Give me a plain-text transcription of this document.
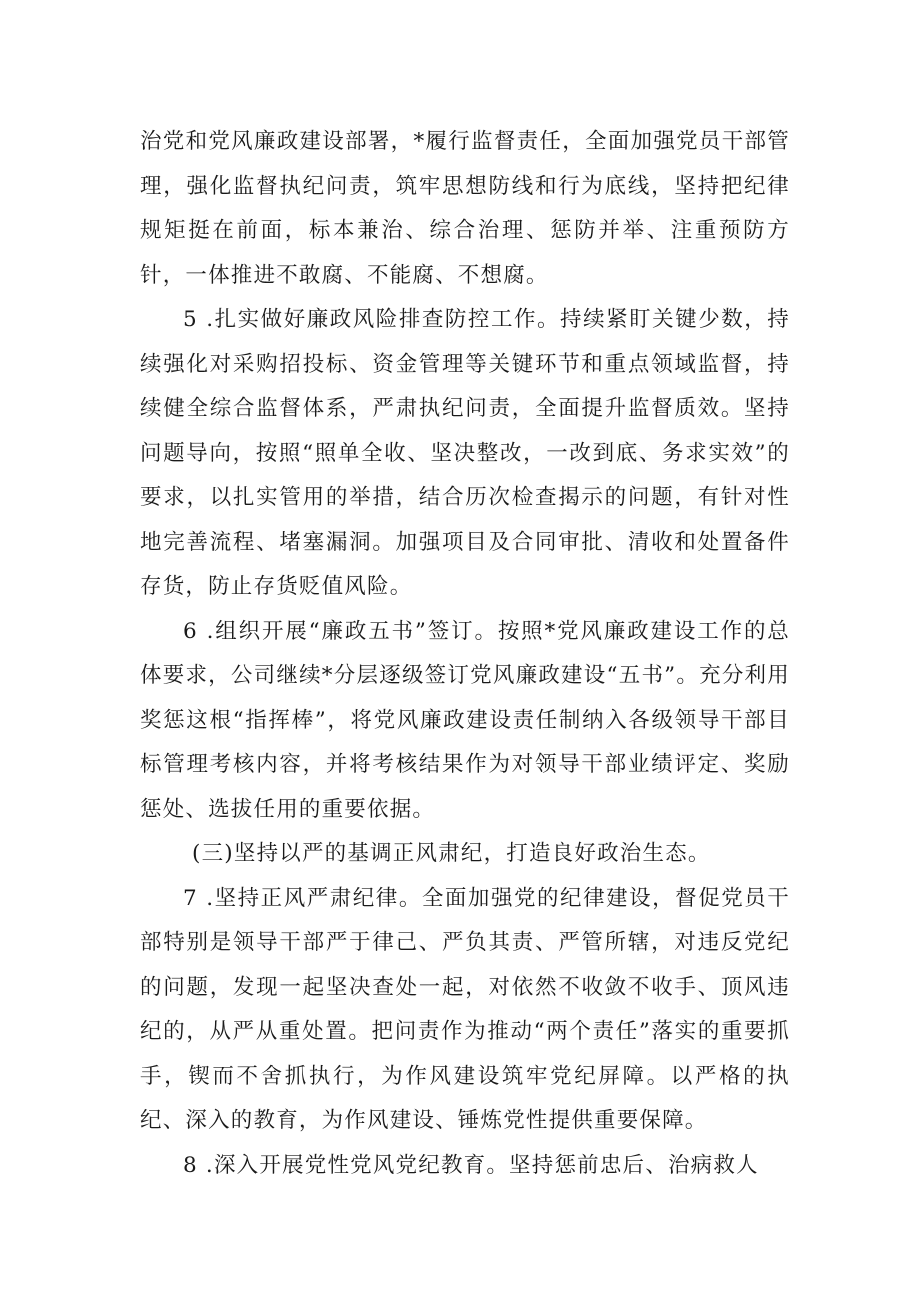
治党和党风廉政建设部署，*履行监督责任，全面加强党员干部管理，强化监督执纪问责，筑牢思想防线和行为底线，坚持把纪律规矩挺在前面，标本兼治、综合治理、惩防并举、注重预防方针，一体推进不敢腐、不能腐、不想腐。

5 .扎实做好廉政风险排查防控工作。持续紧盯关键少数，持续强化对采购招投标、资金管理等关键环节和重点领域监督，持续健全综合监督体系，严肃执纪问责，全面提升监督质效。坚持问题导向，按照“照单全收、坚决整改，一改到底、务求实效”的要求，以扎实管用的举措，结合历次检查揭示的问题，有针对性地完善流程、堵塞漏洞。加强项目及合同审批、清收和处置备件存货，防止存货贬值风险。

6 .组织开展“廉政五书”签订。按照*党风廉政建设工作的总体要求，公司继续*分层逐级签订党风廉政建设“五书”。充分利用奖惩这根“指挥棒”，将党风廉政建设责任制纳入各级领导干部目标管理考核内容，并将考核结果作为对领导干部业绩评定、奖励惩处、选拔任用的重要依据。

(三)坚持以严的基调正风肃纪，打造良好政治生态。

7 .坚持正风严肃纪律。全面加强党的纪律建设，督促党员干部特别是领导干部严于律己、严负其责、严管所辖，对违反党纪的问题，发现一起坚决查处一起，对依然不收敛不收手、顶风违纪的，从严从重处置。把问责作为推动“两个责任”落实的重要抓手，锲而不舍抓执行，为作风建设筑牢党纪屏障。以严格的执纪、深入的教育，为作风建设、锤炼党性提供重要保障。

8 .深入开展党性党风党纪教育。坚持惩前忠后、治病救人
